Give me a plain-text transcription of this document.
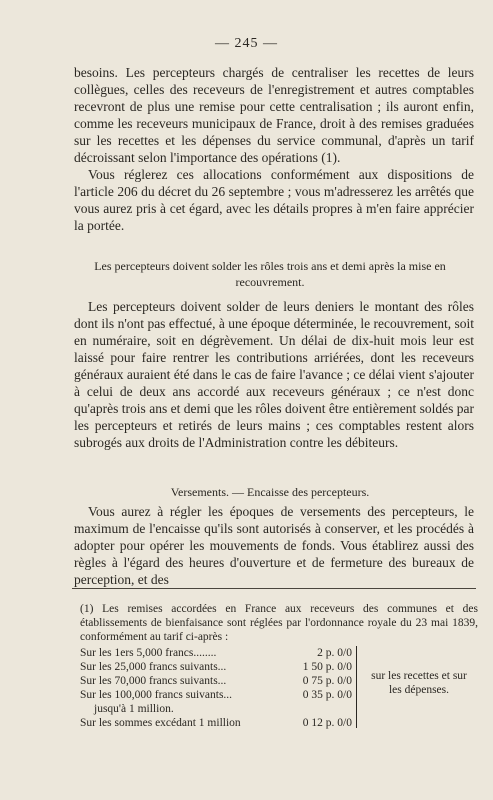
— 245 —

besoins. Les percepteurs chargés de centraliser les recettes de leurs collègues, celles des receveurs de l'enregistrement et autres comptables recevront de plus une remise pour cette centralisation ; ils auront enfin, comme les receveurs municipaux de France, droit à des remises graduées sur les recettes et les dépenses du service communal, d'après un tarif décroissant selon l'importance des opérations (1).

Vous réglerez ces allocations conformément aux dispositions de l'article 206 du décret du 26 septembre ; vous m'adresserez les arrêtés que vous aurez pris à cet égard, avec les détails propres à m'en faire apprécier la portée.

Les percepteurs doivent solder les rôles trois ans et demi après la mise en recouvrement.

Les percepteurs doivent solder de leurs deniers le montant des rôles dont ils n'ont pas effectué, à une époque déterminée, le recouvrement, soit en numéraire, soit en dégrèvement. Un délai de dix-huit mois leur est laissé pour faire rentrer les contributions arriérées, dont les receveurs généraux auraient été dans le cas de faire l'avance ; ce délai vient s'ajouter à celui de deux ans accordé aux receveurs généraux ; ce n'est donc qu'après trois ans et demi que les rôles doivent être entièrement soldés par les percepteurs et retirés de leurs mains ; ces comptables restent alors subrogés aux droits de l'Administration contre les débiteurs.

Versements. — Encaisse des percepteurs.

Vous aurez à régler les époques de versements des percepteurs, le maximum de l'encaisse qu'ils sont autorisés à conserver, et les procédés à adopter pour opérer les mouvements de fonds. Vous établirez aussi des règles à l'égard des heures d'ouverture et de fermeture des bureaux de perception, et des

(1) Les remises accordées en France aux receveurs des communes et des établissements de bienfaisance sont réglées par l'ordonnance royale du 23 mai 1839, conformément au tarif ci-après :
Sur les 1ers 5,000 francs........	2 p. 0/0
Sur les 25,000 francs suivants...	1 50 p. 0/0
Sur les 70,000 francs suivants...	0 75 p. 0/0
Sur les 100,000 francs suivants...	0 35 p. 0/0
jusqu'à 1 million.
Sur les sommes excédant 1 million	0 12 p. 0/0
sur les recettes et sur les dépenses.
